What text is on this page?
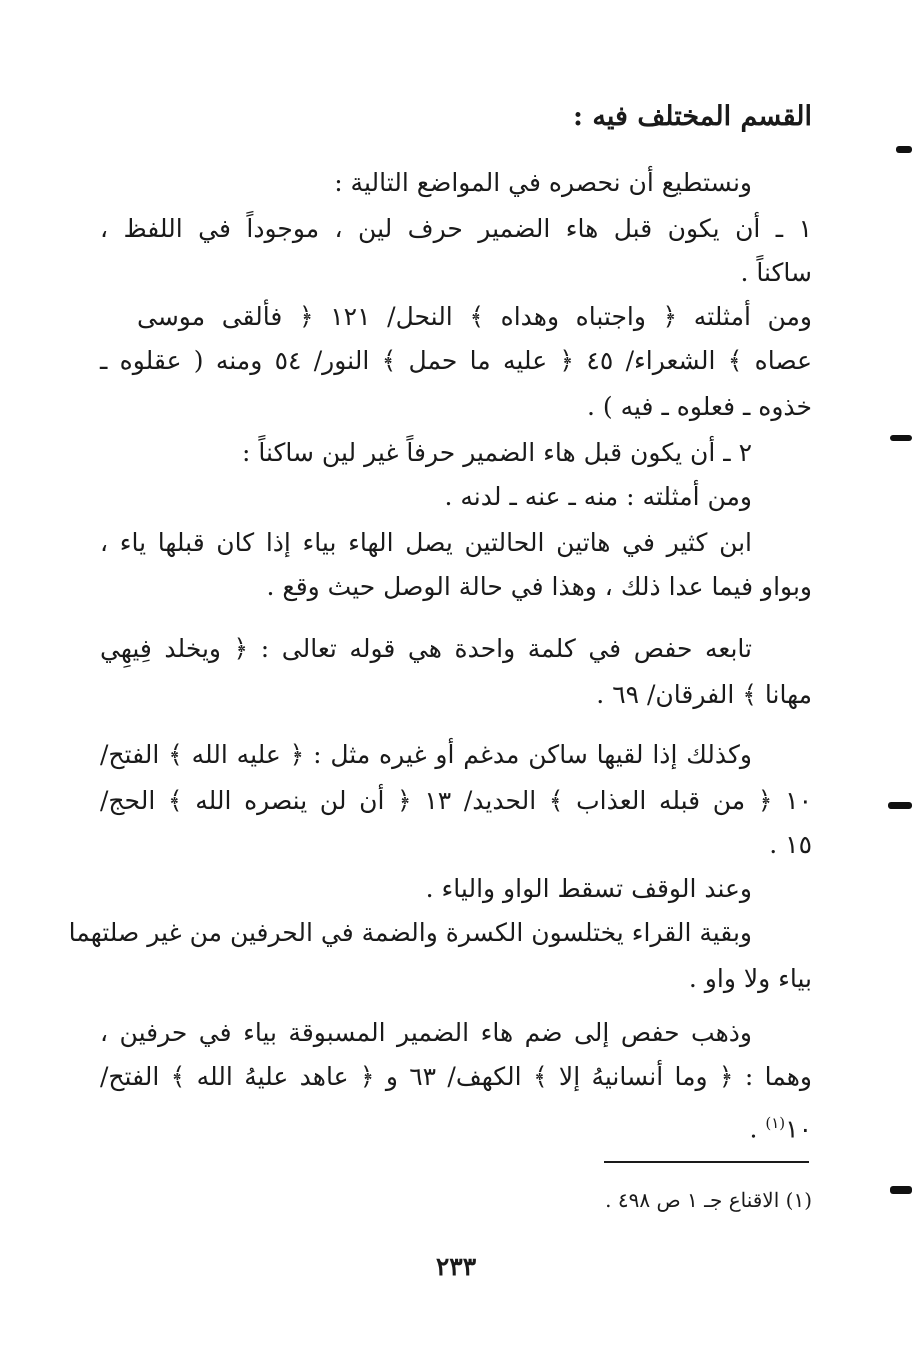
القسم المختلف فيه :
ونستطيع أن نحصره في المواضع التالية :
١ ـ أن يكون قبل هاء الضمير حرف لين ، موجوداً في اللفظ ،
ساكناً .
ومن أمثلته ﴿ واجتباه وهداه ﴾ النحل/ ١٢١ ﴿ فألقى موسى
عصاه ﴾ الشعراء/ ٤٥ ﴿ عليه ما حمل ﴾ النور/ ٥٤ ومنه ( عقلوه ـ
خذوه ـ فعلوه ـ فيه ) .
٢ ـ أن يكون قبل هاء الضمير حرفاً غير لين ساكناً :
ومن أمثلته : منه ـ عنه ـ لدنه .
ابن كثير في هاتين الحالتين يصل الهاء بياء إذا كان قبلها ياء ،
وبواو فيما عدا ذلك ، وهذا في حالة الوصل حيث وقع .
تابعه حفص في كلمة واحدة هي قوله تعالى : ﴿ ويخلد فِيهِي
مهانا ﴾ الفرقان/ ٦٩ .
وكذلك إذا لقيها ساكن مدغم أو غيره مثل : ﴿ عليه الله ﴾ الفتح/
١٠ ﴿ من قبله العذاب ﴾ الحديد/ ١٣ ﴿ أن لن ينصره الله ﴾ الحج/
١٥ .
وعند الوقف تسقط الواو والياء .
وبقية القراء يختلسون الكسرة والضمة في الحرفين من غير صلتهما
بياء ولا واو .
وذهب حفص إلى ضم هاء الضمير المسبوقة بياء في حرفين ،
وهما : ﴿ وما أنسانيهُ إلا ﴾ الكهف/ ٦٣ و ﴿ عاهد عليهُ الله ﴾ الفتح/
١٠$^{(١)}$ .
(١) الاقناع جـ ١ ص ٤٩٨ .
٢٣٣
